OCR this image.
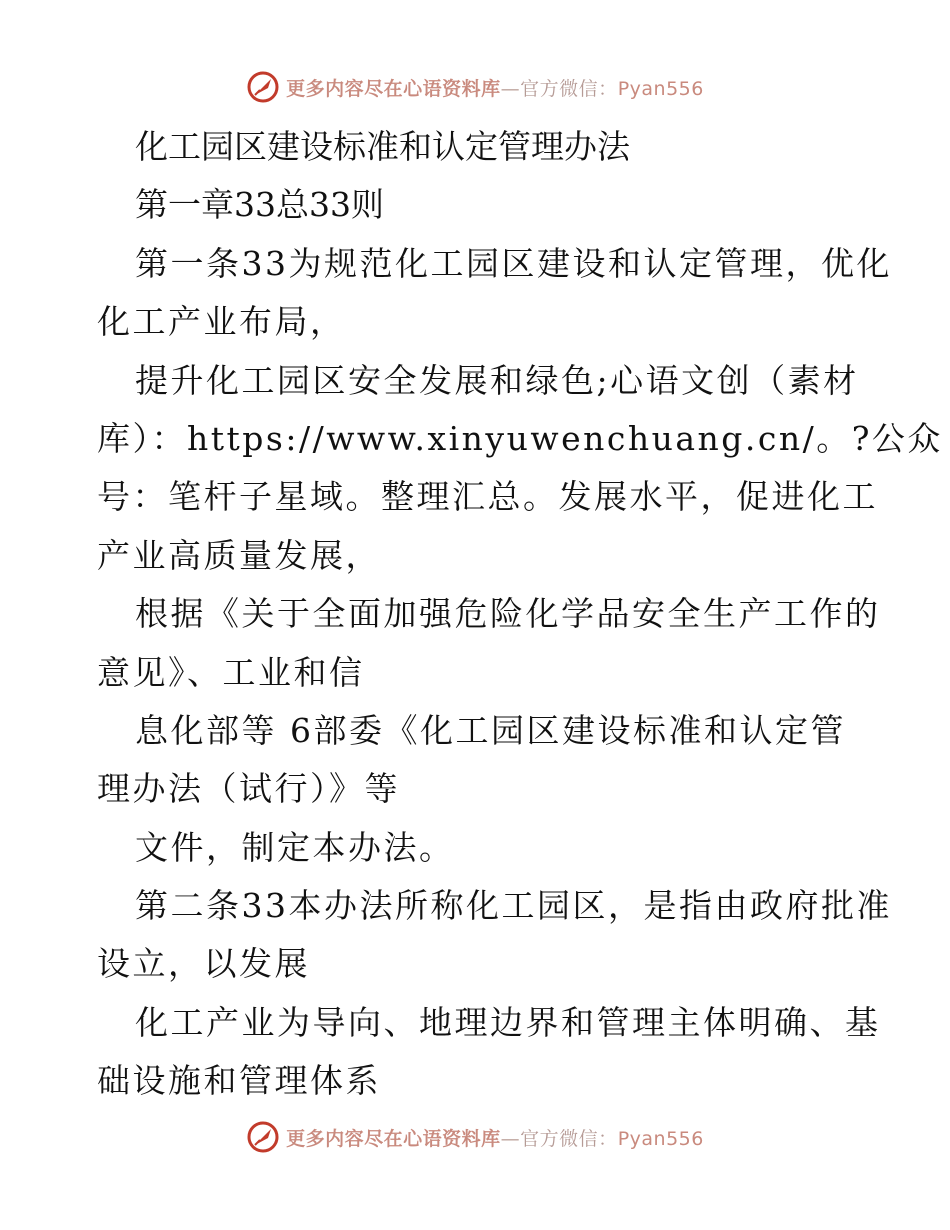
更多内容尽在心语资料库—官方微信：Pyan556
化工园区建设标准和认定管理办法
第一章33总33则
第一条33为规范化工园区建设和认定管理，优化
化工产业布局，
提升化工园区安全发展和绿色;心语文创（素材
库）：https://www.xinyuwenchuang.cn/。?公众
号：笔杆子星域。整理汇总。发展水平，促进化工
产业高质量发展，
根据《关于全面加强危险化学品安全生产工作的
意见》、工业和信
息化部等 6部委《化工园区建设标准和认定管
理办法（试行）》等
文件，制定本办法。
第二条33本办法所称化工园区，是指由政府批准
设立，以发展
化工产业为导向、地理边界和管理主体明确、基
础设施和管理体系
更多内容尽在心语资料库—官方微信：Pyan556
